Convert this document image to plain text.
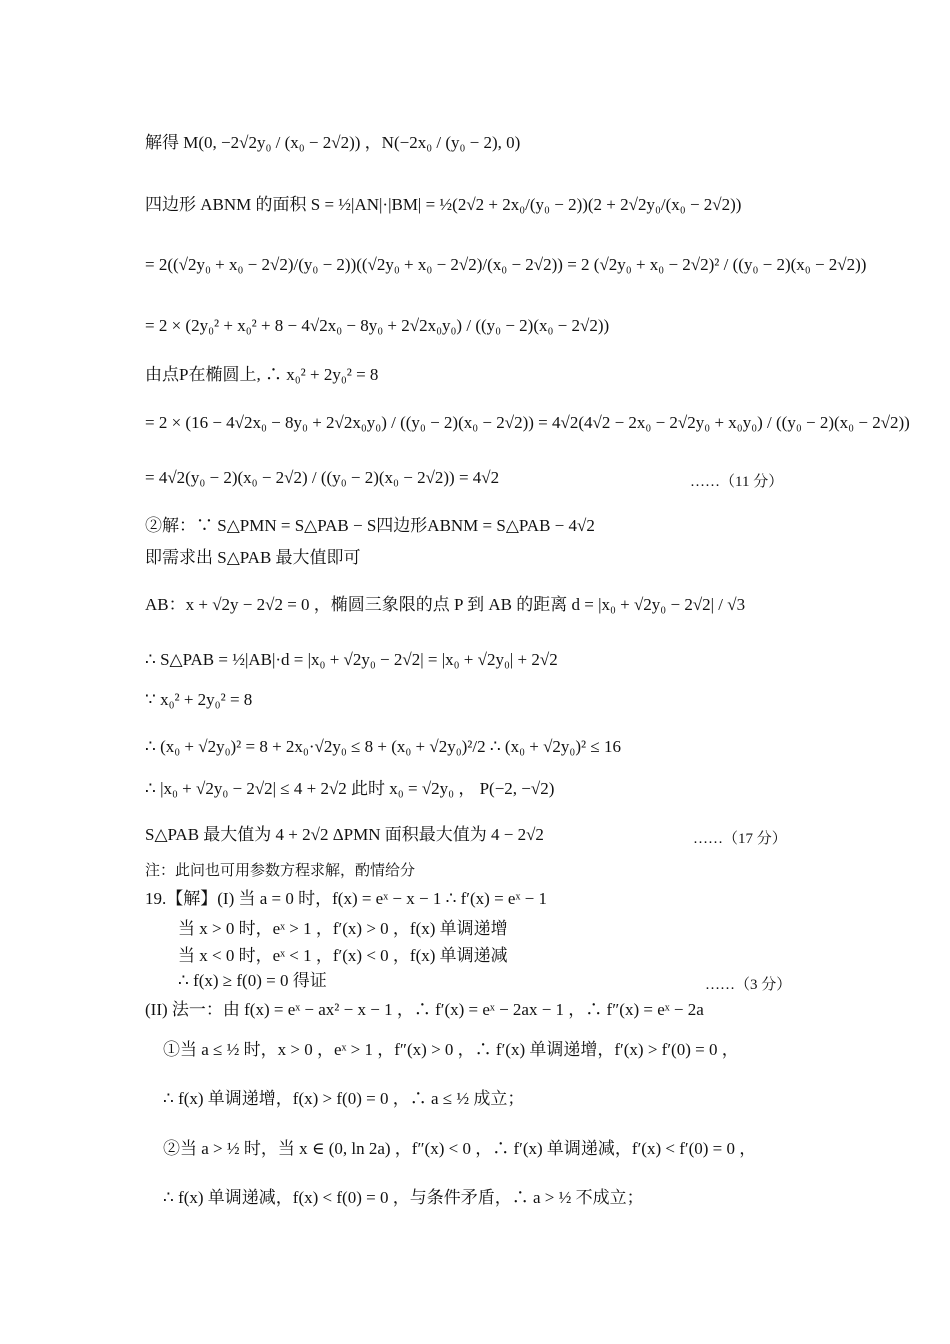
解得 M(0, −2√2y₀ / (x₀ − 2√2)) ，N(−2x₀ / (y₀ − 2), 0)
四边形 ABNM 的面积 S = ½|AN|·|BM| = ½(2√2 + 2x₀/(y₀ − 2))(2 + 2√2y₀/(x₀ − 2√2))
= 2((√2y₀ + x₀ − 2√2)/(y₀ − 2))((√2y₀ + x₀ − 2√2)/(x₀ − 2√2)) = 2 (√2y₀ + x₀ − 2√2)² / ((y₀ − 2)(x₀ − 2√2))
= 2 × (2y₀² + x₀² + 8 − 4√2x₀ − 8y₀ + 2√2x₀y₀) / ((y₀ − 2)(x₀ − 2√2))
由点P在椭圆上, ∴ x₀² + 2y₀² = 8
= 2 × (16 − 4√2x₀ − 8y₀ + 2√2x₀y₀) / ((y₀ − 2)(x₀ − 2√2)) = 4√2(4√2 − 2x₀ − 2√2y₀ + x₀y₀) / ((y₀ − 2)(x₀ − 2√2))
= 4√2(y₀ − 2)(x₀ − 2√2) / ((y₀ − 2)(x₀ − 2√2)) = 4√2	……（11 分）
②解：∵ S△PMN = S△PAB − S四边形ABNM = S△PAB − 4√2
即需求出 S△PAB 最大值即可
AB：x + √2y − 2√2 = 0 ，椭圆三象限的点 P 到 AB 的距离 d = |x₀ + √2y₀ − 2√2| / √3
∴ S△PAB = ½|AB|·d = |x₀ + √2y₀ − 2√2| = |x₀ + √2y₀| + 2√2
∵ x₀² + 2y₀² = 8
∴ (x₀ + √2y₀)² = 8 + 2x₀·√2y₀ ≤ 8 + (x₀ + √2y₀)²/2 ∴ (x₀ + √2y₀)² ≤ 16
∴ |x₀ + √2y₀ − 2√2| ≤ 4 + 2√2 此时 x₀ = √2y₀ ， P(−2, −√2)
S△PAB 最大值为 4 + 2√2 ΔPMN 面积最大值为 4 − 2√2	……（17 分）
注：此问也可用参数方程求解，酌情给分
19.【解】(I) 当 a = 0 时，f(x) = eˣ − x − 1 ∴ f′(x) = eˣ − 1
当 x > 0 时，eˣ > 1 ，f′(x) > 0 ，f(x) 单调递增
当 x < 0 时，eˣ < 1 ，f′(x) < 0 ，f(x) 单调递减
∴ f(x) ≥ f(0) = 0 得证	……（3 分）
(II) 法一：由 f(x) = eˣ − ax² − x − 1 ，∴ f′(x) = eˣ − 2ax − 1 ，∴ f″(x) = eˣ − 2a
①当 a ≤ ½ 时，x > 0 ，eˣ > 1 ，f″(x) > 0 ，∴ f′(x) 单调递增，f′(x) > f′(0) = 0 ，
∴ f(x) 单调递增，f(x) > f(0) = 0 ，∴ a ≤ ½ 成立；
②当 a > ½ 时，当 x ∈ (0, ln 2a) ，f″(x) < 0 ，∴ f′(x) 单调递减，f′(x) < f′(0) = 0 ，
∴ f(x) 单调递减，f(x) < f(0) = 0 ，与条件矛盾，∴ a > ½ 不成立；
